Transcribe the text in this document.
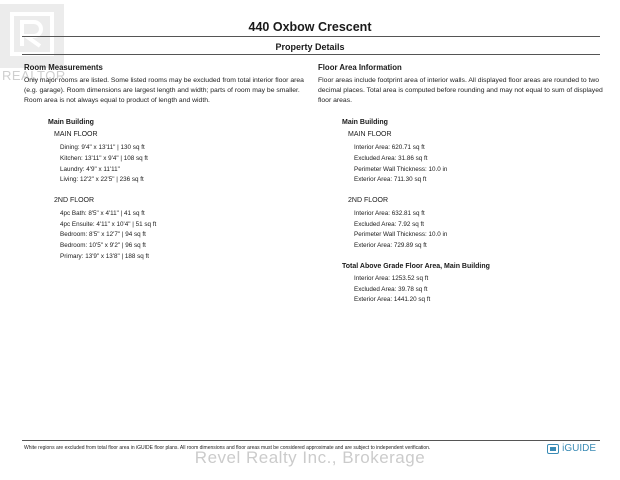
REALTOR
440 Oxbow Crescent
Property Details
Room Measurements

Only major rooms are listed. Some listed rooms may be excluded from total interior floor area (e.g. garage). Room dimensions are largest length and width; parts of room may be smaller. Room area is not always equal to product of length and width.

Main Building
MAIN FLOOR
Dining: 9'4" x 13'11" | 130 sq ft
Kitchen: 13'11" x 9'4" | 108 sq ft
Laundry: 4'9" x 11'11"
Living: 12'2" x 22'5" | 236 sq ft
2ND FLOOR
4pc Bath: 8'5" x 4'11" | 41 sq ft
4pc Ensuite: 4'11" x 10'4" | 51 sq ft
Bedroom: 8'5" x 12'7" | 94 sq ft
Bedroom: 10'5" x 9'2" | 96 sq ft
Primary: 13'9" x 13'8" | 188 sq ft
Floor Area Information

Floor areas include footprint area of interior walls. All displayed floor areas are rounded to two decimal places. Total area is computed before rounding and may not equal to sum of displayed floor areas.

Main Building
MAIN FLOOR
Interior Area: 620.71 sq ft
Excluded Area: 31.86 sq ft
Perimeter Wall Thickness: 10.0 in
Exterior Area: 711.30 sq ft
2ND FLOOR
Interior Area: 632.81 sq ft
Excluded Area: 7.92 sq ft
Perimeter Wall Thickness: 10.0 in
Exterior Area: 729.89 sq ft
Total Above Grade Floor Area, Main Building
Interior Area: 1253.52 sq ft
Excluded Area: 39.78 sq ft
Exterior Area: 1441.20 sq ft
White regions are excluded from total floor area in iGUIDE floor plans. All room dimensions and floor areas must be considered approximate and are subject to independent verification.	iGUIDE
Revel Realty Inc., Brokerage
